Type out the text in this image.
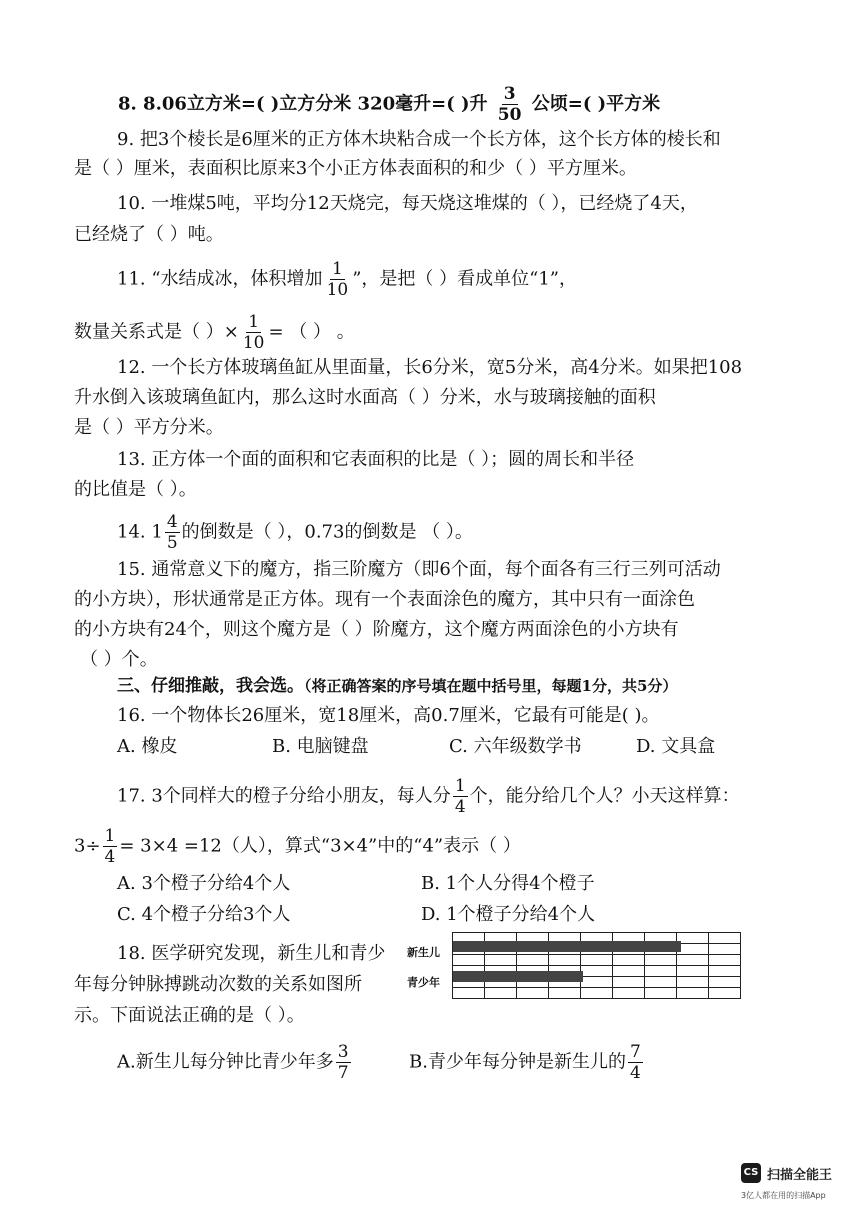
8. 8.06立方米=( )立方分米 320毫升=( )升 $\frac{3}{50}$ 公顷=( )平方米
9. 把3个棱长是6厘米的正方体木块粘合成一个长方体，这个长方体的棱长和
是（ ）厘米，表面积比原来3个小正方体表面积的和少（ ）平方厘米。
10. 一堆煤5吨，平均分12天烧完，每天烧这堆煤的（ ），已经烧了4天，
已经烧了（ ）吨。
11. “水结成冰，体积增加 $\frac{1}{10}$ ”，是把（ ）看成单位“1”，
数量关系式是（ ）× $\frac{1}{10}$ = （ ） 。
12. 一个长方体玻璃鱼缸从里面量，长6分米，宽5分米，高4分米。如果把108
升水倒入该玻璃鱼缸内，那么这时水面高（ ）分米，水与玻璃接触的面积
是（ ）平方分米。
13. 正方体一个面的面积和它表面积的比是（ ）；圆的周长和半径
的比值是（ ）。
14. $1 \frac{4}{5}$ 的倒数是（ ），0.73的倒数是 （ ）。
15. 通常意义下的魔方，指三阶魔方（即6个面，每个面各有三行三列可活动
的小方块），形状通常是正方体。现有一个表面涂色的魔方，其中只有一面涂色
的小方块有24个，则这个魔方是（ ）阶魔方，这个魔方两面涂色的小方块有
（ ）个。
三、仔细推敲，我会选。（将正确答案的序号填在题中括号里，每题1分，共5分）
16. 一个物体长26厘米，宽18厘米，高0.7厘米，它最有可能是( )。
A. 橡皮	B. 电脑键盘	C. 六年级数学书	D. 文具盒
17. 3个同样大的橙子分给小朋友，每人分 $\frac{1}{4}$ 个，能分给几个人？小天这样算：
$3\div \frac{1}{4} = 3\times 4 =12$（人），算式“3×4”中的“4”表示（ ）
A. 3个橙子分给4个人	B. 1个人分得4个橙子
C. 4个橙子分给3个人	D. 1个橙子分给4个人
18. 医学研究发现，新生儿和青少
年每分钟脉搏跳动次数的关系如图所
示。下面说法正确的是（ ）。
A.新生儿每分钟比青少年多 $\frac{3}{7}$	B.青少年每分钟是新生儿的 $\frac{7}{4}$
新生儿
青少年

CS 扫描全能王
3亿人都在用的扫描App
